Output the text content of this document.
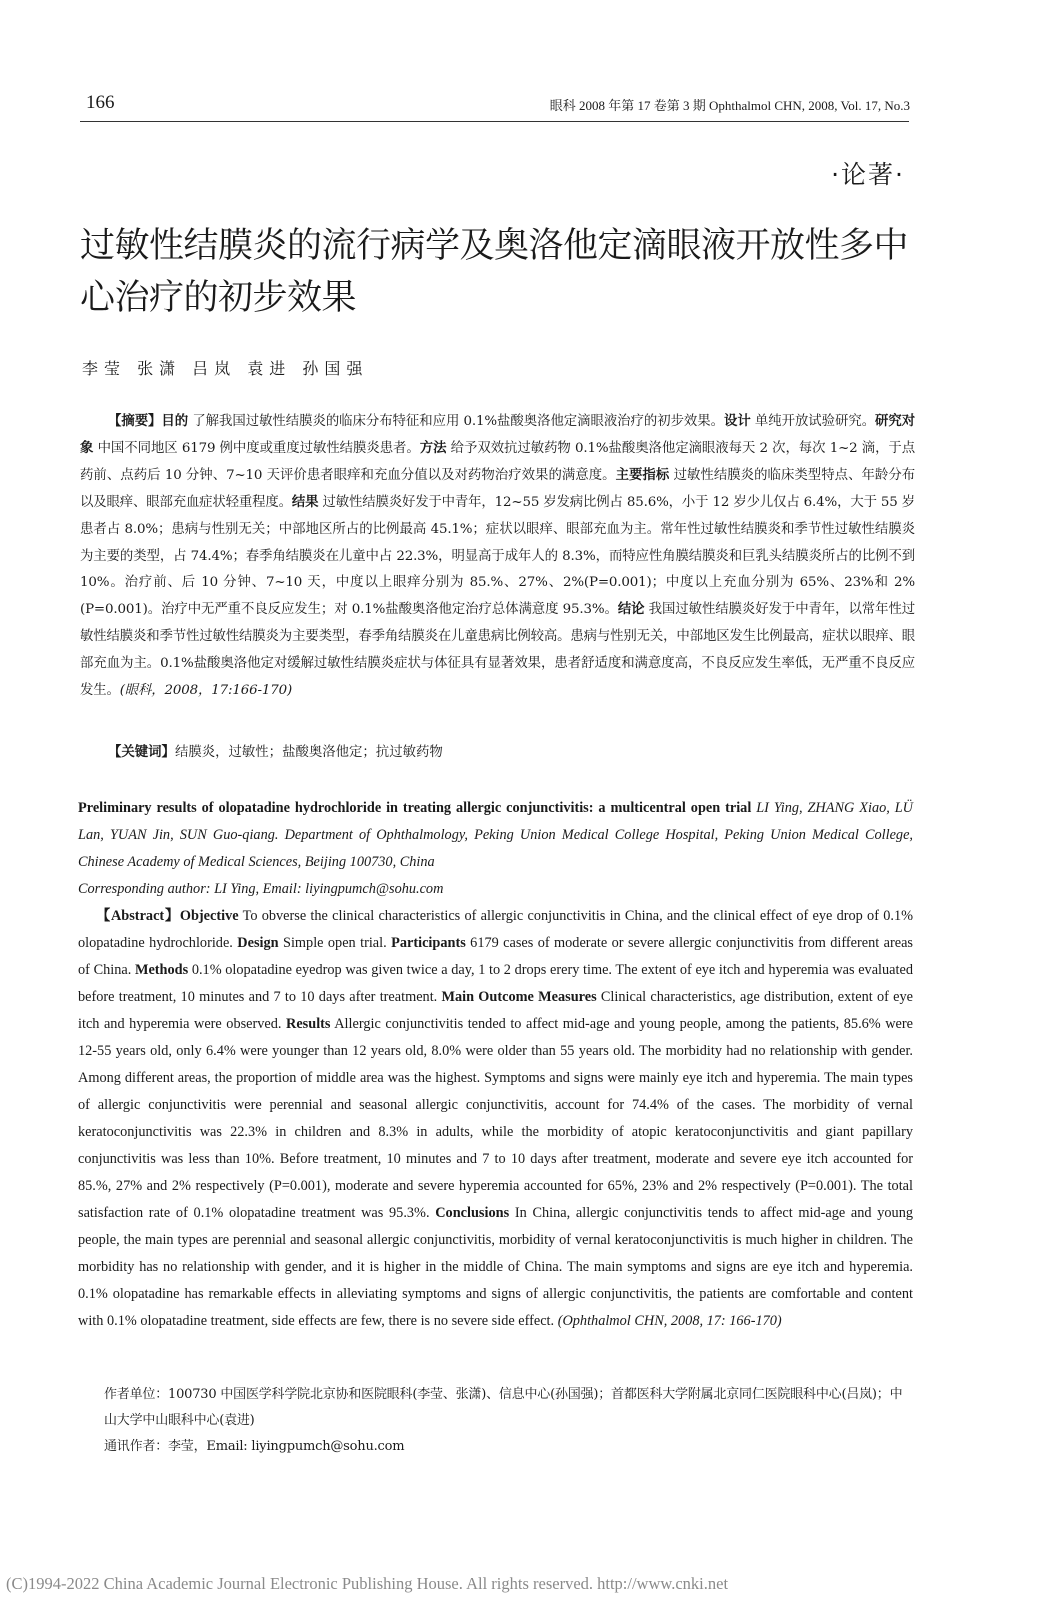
166	眼科 2008 年第 17 卷第 3 期 Ophthalmol CHN, 2008, Vol. 17, No.3
·论著·
过敏性结膜炎的流行病学及奥洛他定滴眼液开放性多中心治疗的初步效果
李莹 张潇 吕岚 袁进 孙国强

【摘要】目的 了解我国过敏性结膜炎的临床分布特征和应用 0.1%盐酸奥洛他定滴眼液治疗的初步效果。设计 单纯开放试验研究。研究对象 中国不同地区 6179 例中度或重度过敏性结膜炎患者。方法 给予双效抗过敏药物 0.1%盐酸奥洛他定滴眼液每天 2 次，每次 1~2 滴，于点药前、点药后 10 分钟、7~10 天评价患者眼痒和充血分值以及对药物治疗效果的满意度。主要指标 过敏性结膜炎的临床类型特点、年龄分布以及眼痒、眼部充血症状轻重程度。结果 过敏性结膜炎好发于中青年，12~55 岁发病比例占 85.6%，小于 12 岁少儿仅占 6.4%，大于 55 岁患者占 8.0%；患病与性别无关；中部地区所占的比例最高 45.1%；症状以眼痒、眼部充血为主。常年性过敏性结膜炎和季节性过敏性结膜炎为主要的类型，占 74.4%；春季角结膜炎在儿童中占 22.3%，明显高于成年人的 8.3%，而特应性角膜结膜炎和巨乳头结膜炎所占的比例不到 10%。治疗前、后 10 分钟、7~10 天，中度以上眼痒分别为 85.%、27%、2%(P=0.001)；中度以上充血分别为 65%、23%和 2%(P=0.001)。治疗中无严重不良反应发生；对 0.1%盐酸奥洛他定治疗总体满意度 95.3%。结论 我国过敏性结膜炎好发于中青年，以常年性过敏性结膜炎和季节性过敏性结膜炎为主要类型，春季角结膜炎在儿童患病比例较高。患病与性别无关，中部地区发生比例最高，症状以眼痒、眼部充血为主。0.1%盐酸奥洛他定对缓解过敏性结膜炎症状与体征具有显著效果，患者舒适度和满意度高，不良反应发生率低，无严重不良反应发生。(眼科，2008，17:166-170)

【关键词】结膜炎，过敏性；盐酸奥洛他定；抗过敏药物

Preliminary results of olopatadine hydrochloride in treating allergic conjunctivitis: a multicentral open trial LI Ying, ZHANG Xiao, LÜ Lan, YUAN Jin, SUN Guo-qiang. Department of Ophthalmology, Peking Union Medical College Hospital, Peking Union Medical College, Chinese Academy of Medical Sciences, Beijing 100730, China

Corresponding author: LI Ying, Email: liyingpumch@sohu.com

【Abstract】Objective To obverse the clinical characteristics of allergic conjunctivitis in China, and the clinical effect of eye drop of 0.1% olopatadine hydrochloride. Design Simple open trial. Participants 6179 cases of moderate or severe allergic conjunctivitis from different areas of China. Methods 0.1% olopatadine eyedrop was given twice a day, 1 to 2 drops erery time. The extent of eye itch and hyperemia was evaluated before treatment, 10 minutes and 7 to 10 days after treatment. Main Outcome Measures Clinical characteristics, age distribution, extent of eye itch and hyperemia were observed. Results Allergic conjunctivitis tended to affect mid-age and young people, among the patients, 85.6% were 12-55 years old, only 6.4% were younger than 12 years old, 8.0% were older than 55 years old. The morbidity had no relationship with gender. Among different areas, the proportion of middle area was the highest. Symptoms and signs were mainly eye itch and hyperemia. The main types of allergic conjunctivitis were perennial and seasonal allergic conjunctivitis, account for 74.4% of the cases. The morbidity of vernal keratoconjunctivitis was 22.3% in children and 8.3% in adults, while the morbidity of atopic keratoconjunctivitis and giant papillary conjunctivitis was less than 10%. Before treatment, 10 minutes and 7 to 10 days after treatment, moderate and severe eye itch accounted for 85.%, 27% and 2% respectively (P=0.001), moderate and severe hyperemia accounted for 65%, 23% and 2% respectively (P=0.001). The total satisfaction rate of 0.1% olopatadine treatment was 95.3%. Conclusions In China, allergic conjunctivitis tends to affect mid-age and young people, the main types are perennial and seasonal allergic conjunctivitis, morbidity of vernal keratoconjunctivitis is much higher in children. The morbidity has no relationship with gender, and it is higher in the middle of China. The main symptoms and signs are eye itch and hyperemia. 0.1% olopatadine has remarkable effects in alleviating symptoms and signs of allergic conjunctivitis, the patients are comfortable and content with 0.1% olopatadine treatment, side effects are few, there is no severe side effect. (Ophthalmol CHN, 2008, 17: 166-170)

作者单位：100730 中国医学科学院北京协和医院眼科(李莹、张潇)、信息中心(孙国强)；首都医科大学附属北京同仁医院眼科中心(吕岚)；中山大学中山眼科中心(袁进)

通讯作者：李莹，Email: liyingpumch@sohu.com

(C)1994-2022 China Academic Journal Electronic Publishing House. All rights reserved. http://www.cnki.net
